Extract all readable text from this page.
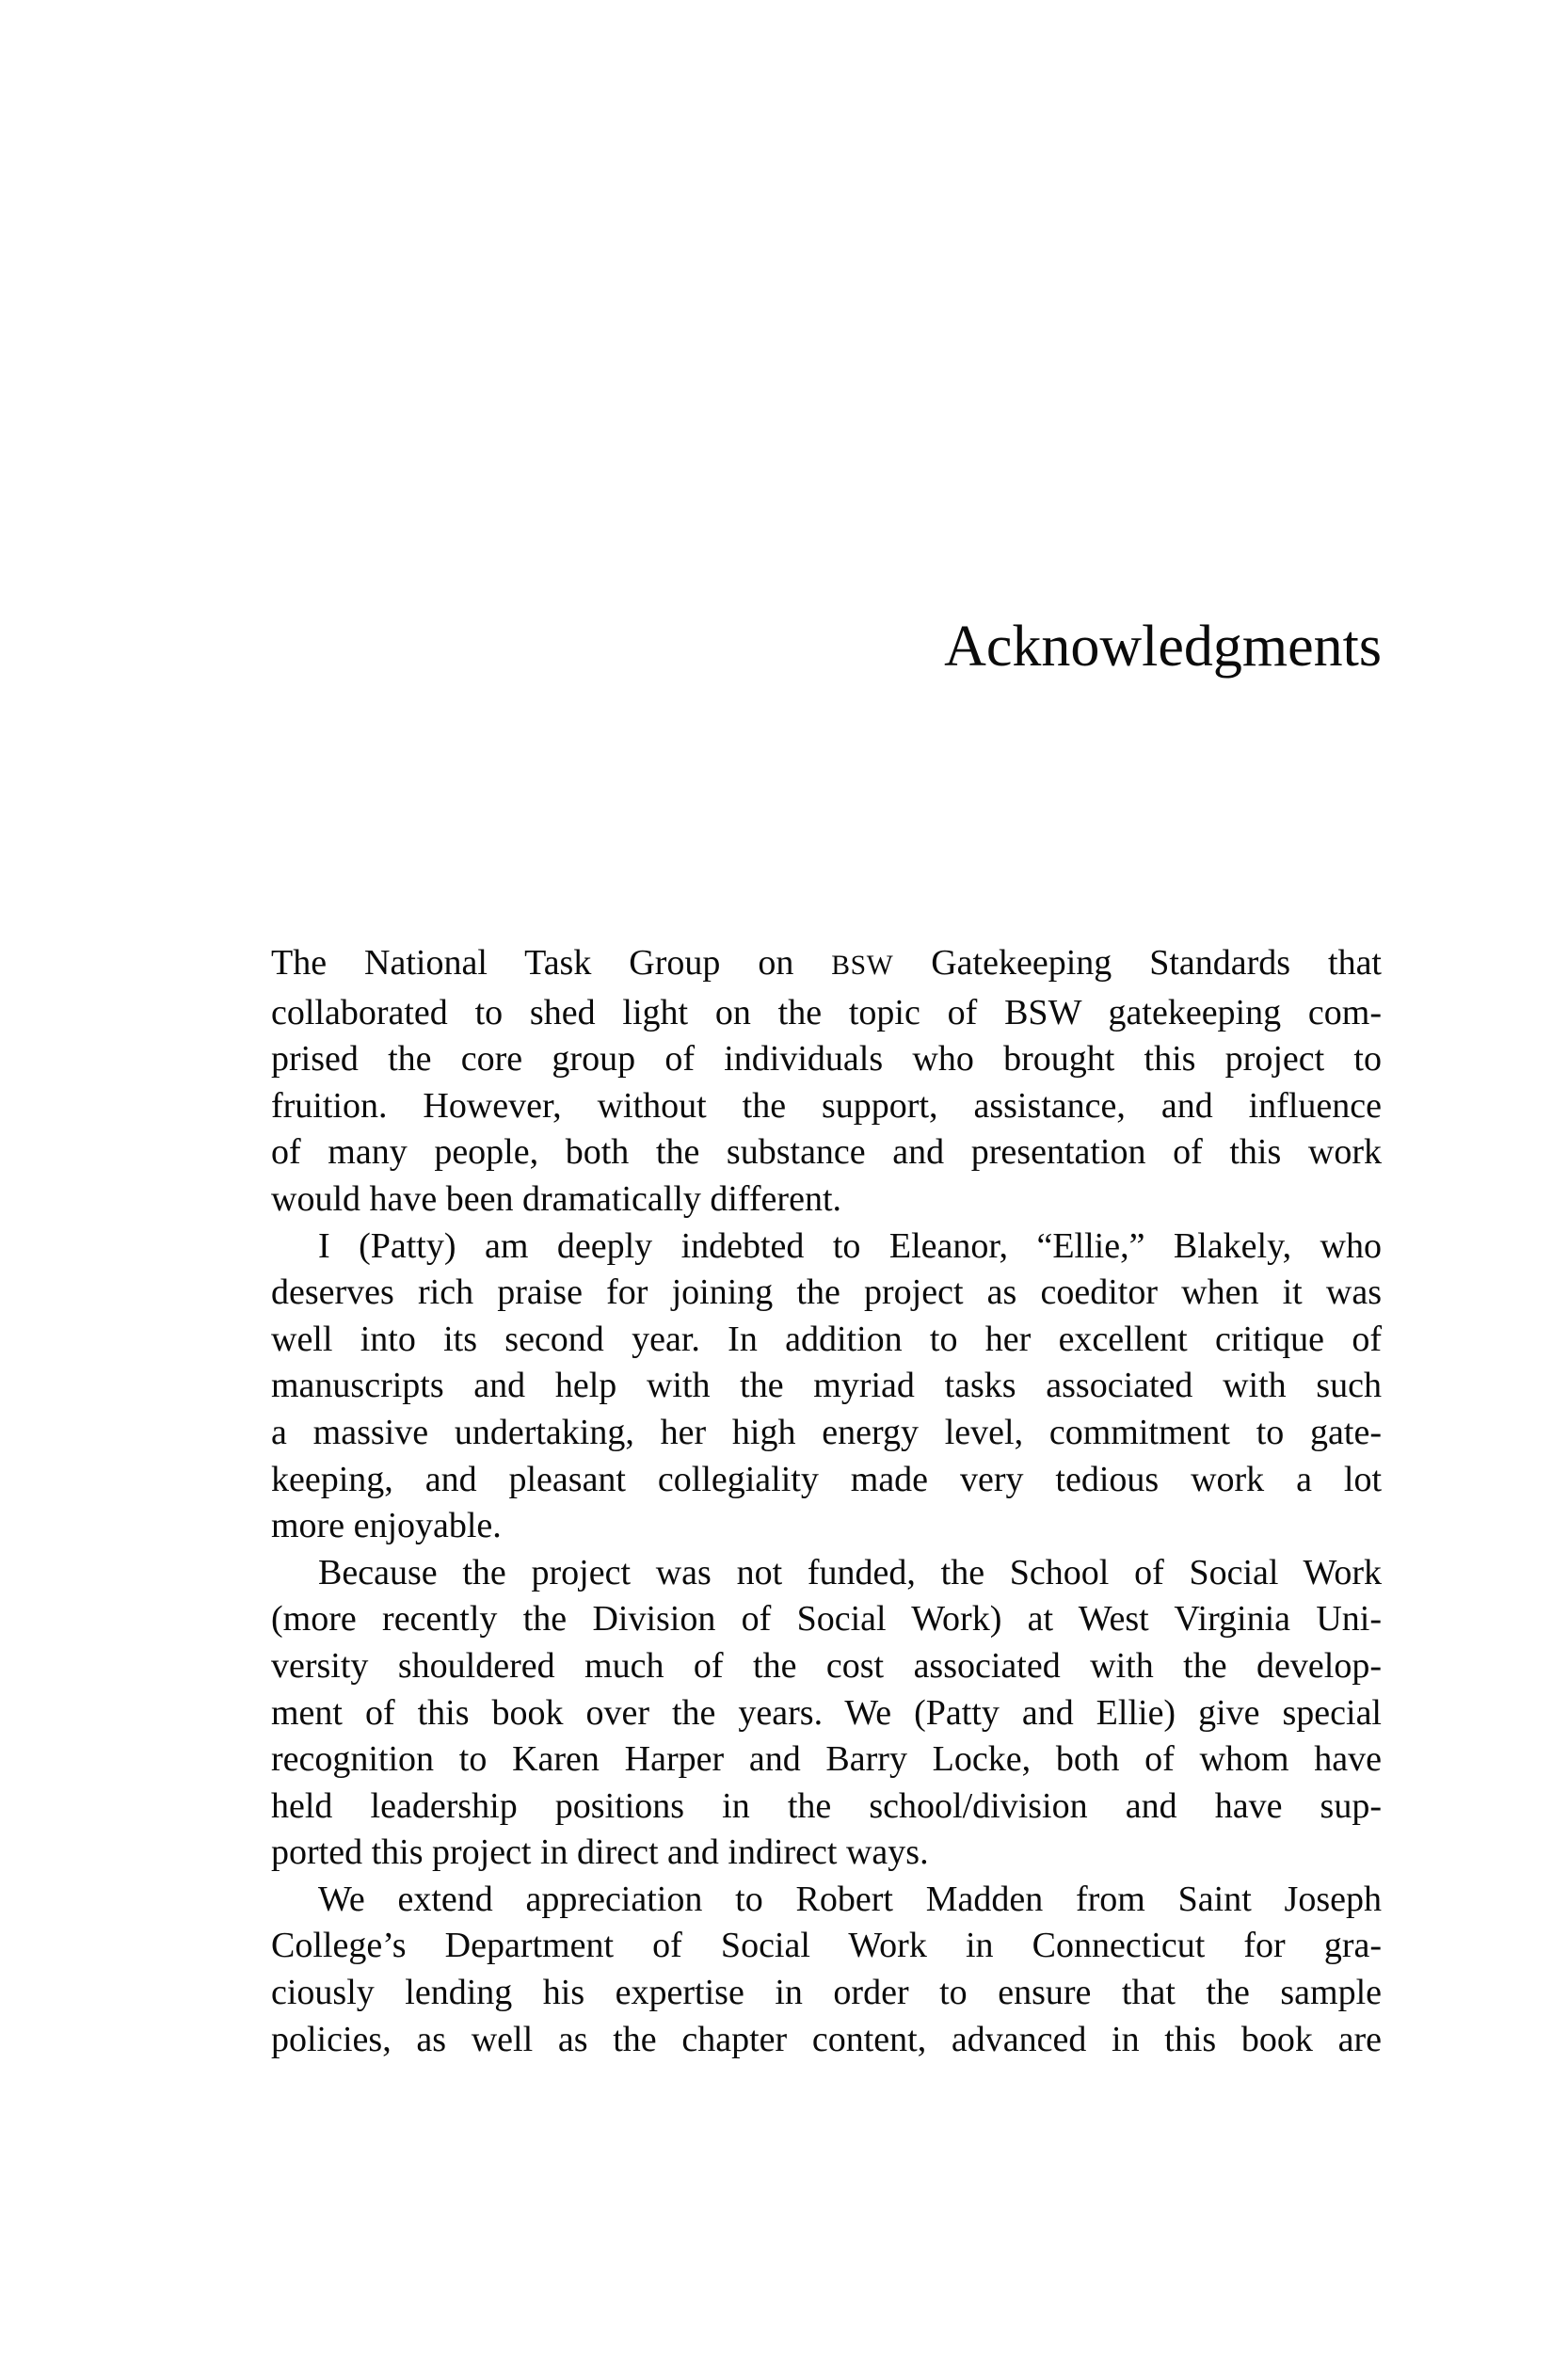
Acknowledgments
The National Task Group on BSW Gatekeeping Standards that
collaborated to shed light on the topic of BSW gatekeeping com-
prised the core group of individuals who brought this project to
fruition. However, without the support, assistance, and influence
of many people, both the substance and presentation of this work
would have been dramatically different.
I (Patty) am deeply indebted to Eleanor, “Ellie,” Blakely, who
deserves rich praise for joining the project as coeditor when it was
well into its second year. In addition to her excellent critique of
manuscripts and help with the myriad tasks associated with such
a massive undertaking, her high energy level, commitment to gate-
keeping, and pleasant collegiality made very tedious work a lot
more enjoyable.
Because the project was not funded, the School of Social Work
(more recently the Division of Social Work) at West Virginia Uni-
versity shouldered much of the cost associated with the develop-
ment of this book over the years. We (Patty and Ellie) give special
recognition to Karen Harper and Barry Locke, both of whom have
held leadership positions in the school/division and have sup-
ported this project in direct and indirect ways.
We extend appreciation to Robert Madden from Saint Joseph
College’s Department of Social Work in Connecticut for gra-
ciously lending his expertise in order to ensure that the sample
policies, as well as the chapter content, advanced in this book are
